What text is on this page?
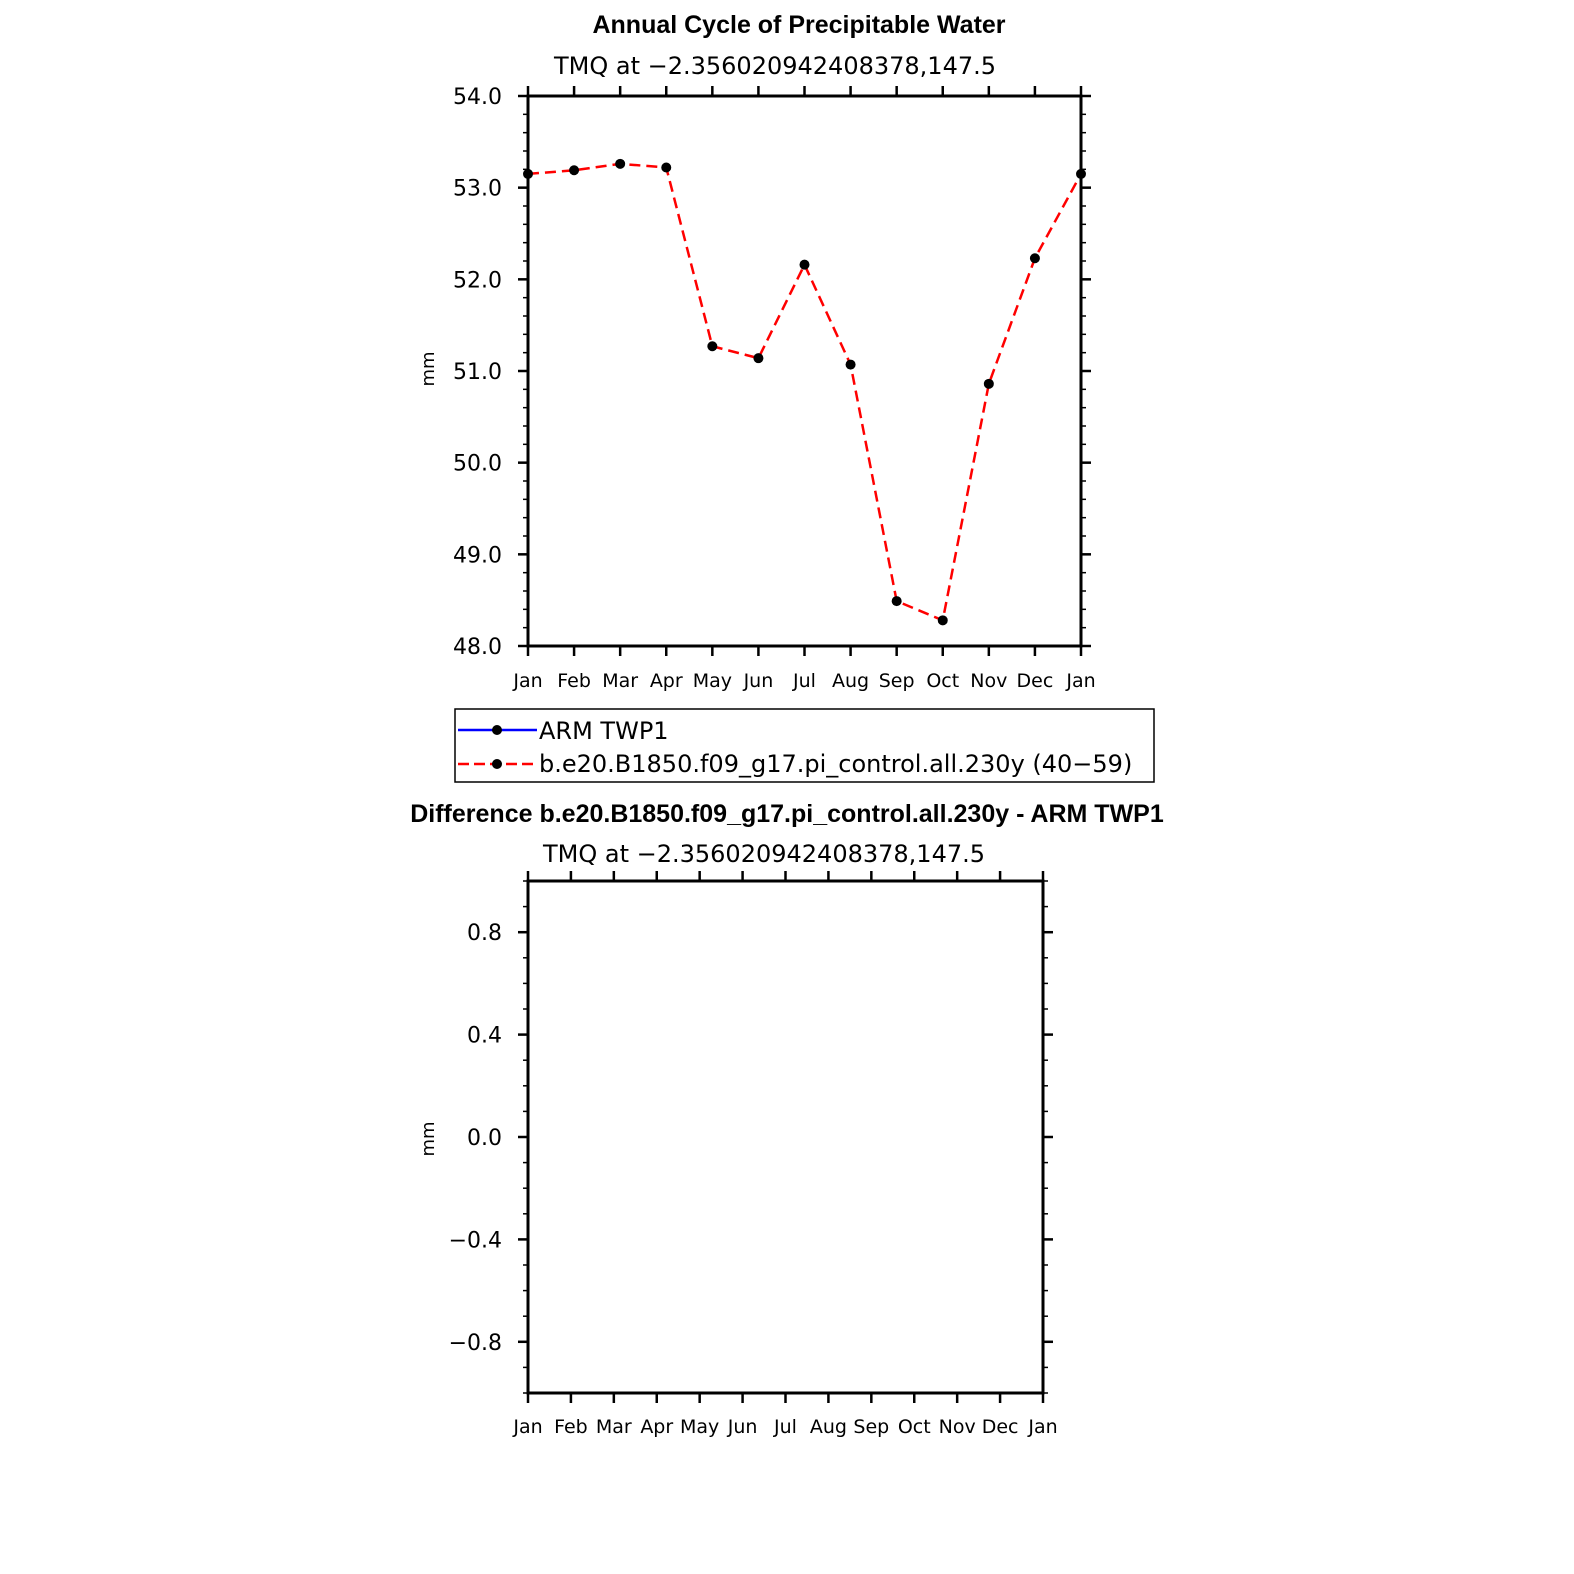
Annual Cycle of Precipitable Water
TMQ at −2.356020942408378,147.5
mm
48.0
49.0
50.0
51.0
52.0
53.0
54.0
Jan Feb Mar Apr May Jun Jul Aug Sep Oct Nov Dec Jan
ARM TWP1
b.e20.B1850.f09_g17.pi_control.all.230y (40−59)
Difference b.e20.B1850.f09_g17.pi_control.all.230y - ARM TWP1
TMQ at −2.356020942408378,147.5
mm
−0.8
−0.4
0.0
0.4
0.8
Jan Feb Mar Apr May Jun Jul Aug Sep Oct Nov Dec Jan
